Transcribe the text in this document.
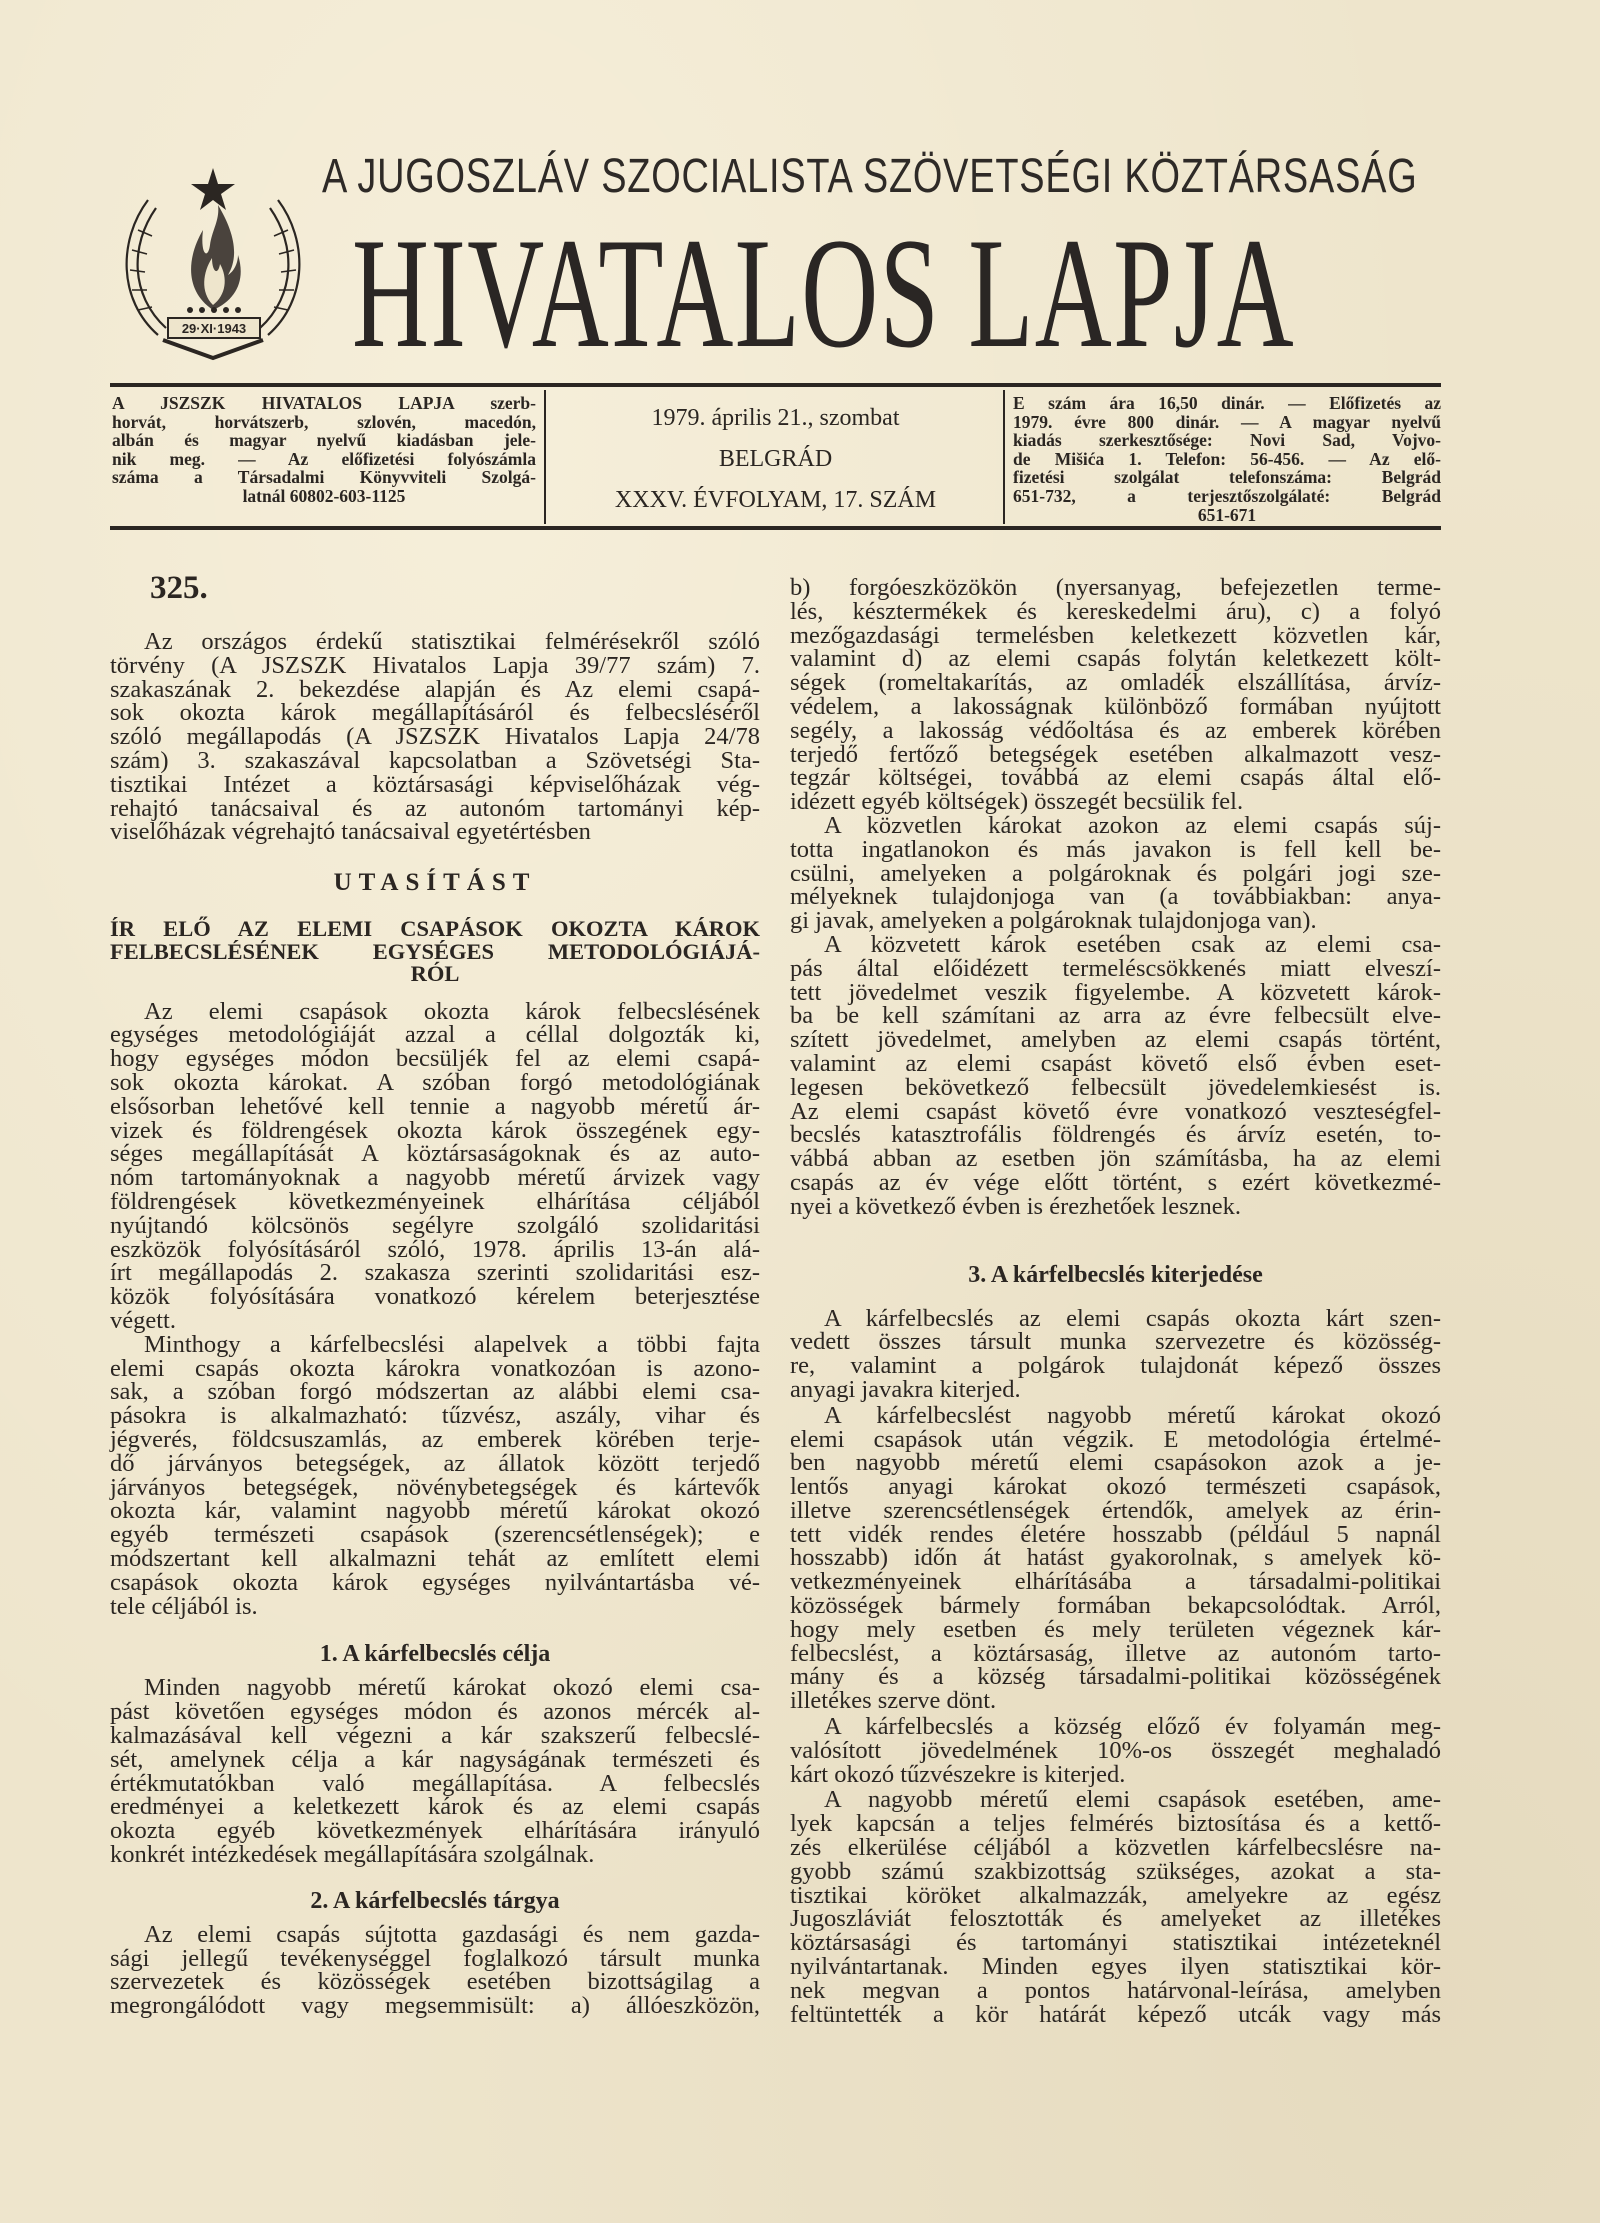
29·XI·1943
A JUGOSZLÁV SZOCIALISTA SZÖVETSÉGI KÖZTÁRSASÁG
HIVATALOS LAPJA
A JSZSZK HIVATALOS LAPJA szerb-
horvát, horvátszerb, szlovén, macedón,
albán és magyar nyelvű kiadásban jele-
nik meg. — Az előfizetési folyószámla
száma a Társadalmi Könyvviteli Szolgá-
latnál 60802-603-1125
1979. április 21., szombat
BELGRÁD
XXXV. ÉVFOLYAM, 17. SZÁM
E szám ára 16,50 dinár. — Előfizetés az
1979. évre 800 dinár. — A magyar nyelvű
kiadás szerkesztősége: Novi Sad, Vojvo-
de Mišića 1. Telefon: 56-456. — Az elő-
fizetési szolgálat telefonszáma: Belgrád
651-732, a terjesztőszolgálaté: Belgrád
651-671
325.
Az országos érdekű statisztikai felmérésekről szóló
törvény (A JSZSZK Hivatalos Lapja 39/77 szám) 7.
szakaszának 2. bekezdése alapján és Az elemi csapá-
sok okozta károk megállapításáról és felbecsléséről
szóló megállapodás (A JSZSZK Hivatalos Lapja 24/78
szám) 3. szakaszával kapcsolatban a Szövetségi Sta-
tisztikai Intézet a köztársasági képviselőházak vég-
rehajtó tanácsaival és az autonóm tartományi kép-
viselőházak végrehajtó tanácsaival egyetértésben
UTASÍTÁST
ÍR ELŐ AZ ELEMI CSAPÁSOK OKOZTA KÁROK
FELBECSLÉSÉNEK EGYSÉGES METODOLÓGIÁJÁ-
RÓL
Az elemi csapások okozta károk felbecslésének
egységes metodológiáját azzal a céllal dolgozták ki,
hogy egységes módon becsüljék fel az elemi csapá-
sok okozta károkat. A szóban forgó metodológiának
elsősorban lehetővé kell tennie a nagyobb méretű ár-
vizek és földrengések okozta károk összegének egy-
séges megállapítását A köztársaságoknak és az auto-
nóm tartományoknak a nagyobb méretű árvizek vagy
földrengések következményeinek elhárítása céljából
nyújtandó kölcsönös segélyre szolgáló szolidaritási
eszközök folyósításáról szóló, 1978. április 13-án alá-
írt megállapodás 2. szakasza szerinti szolidaritási esz-
közök folyósítására vonatkozó kérelem beterjesztése
végett.
Minthogy a kárfelbecslési alapelvek a többi fajta
elemi csapás okozta károkra vonatkozóan is azono-
sak, a szóban forgó módszertan az alábbi elemi csa-
pásokra is alkalmazható: tűzvész, aszály, vihar és
jégverés, földcsuszamlás, az emberek körében terje-
dő járványos betegségek, az állatok között terjedő
járványos betegségek, növénybetegségek és kártevők
okozta kár, valamint nagyobb méretű károkat okozó
egyéb természeti csapások (szerencsétlenségek); e
módszertant kell alkalmazni tehát az említett elemi
csapások okozta károk egységes nyilvántartásba vé-
tele céljából is.
1. A kárfelbecslés célja
Minden nagyobb méretű károkat okozó elemi csa-
pást követően egységes módon és azonos mércék al-
kalmazásával kell végezni a kár szakszerű felbecslé-
sét, amelynek célja a kár nagyságának természeti és
értékmutatókban való megállapítása. A felbecslés
eredményei a keletkezett károk és az elemi csapás
okozta egyéb következmények elhárítására irányuló
konkrét intézkedések megállapítására szolgálnak.
2. A kárfelbecslés tárgya
Az elemi csapás sújtotta gazdasági és nem gazda-
sági jellegű tevékenységgel foglalkozó társult munka
szervezetek és közösségek esetében bizottságilag a
megrongálódott vagy megsemmisült: a) állóeszközön,
b) forgóeszközökön (nyersanyag, befejezetlen terme-
lés, késztermékek és kereskedelmi áru), c) a folyó
mezőgazdasági termelésben keletkezett közvetlen kár,
valamint d) az elemi csapás folytán keletkezett költ-
ségek (romeltakarítás, az omladék elszállítása, árvíz-
védelem, a lakosságnak különböző formában nyújtott
segély, a lakosság védőoltása és az emberek körében
terjedő fertőző betegségek esetében alkalmazott vesz-
tegzár költségei, továbbá az elemi csapás által elő-
idézett egyéb költségek) összegét becsülik fel.
A közvetlen károkat azokon az elemi csapás súj-
totta ingatlanokon és más javakon is fell kell be-
csülni, amelyeken a polgároknak és polgári jogi sze-
mélyeknek tulajdonjoga van (a továbbiakban: anya-
gi javak, amelyeken a polgároknak tulajdonjoga van).
A közvetett károk esetében csak az elemi csa-
pás által előidézett termeléscsökkenés miatt elveszí-
tett jövedelmet veszik figyelembe. A közvetett károk-
ba be kell számítani az arra az évre felbecsült elve-
szített jövedelmet, amelyben az elemi csapás történt,
valamint az elemi csapást követő első évben eset-
legesen bekövetkező felbecsült jövedelemkiesést is.
Az elemi csapást követő évre vonatkozó veszteségfel-
becslés katasztrofális földrengés és árvíz esetén, to-
vábbá abban az esetben jön számításba, ha az elemi
csapás az év vége előtt történt, s ezért következmé-
nyei a következő évben is érezhetőek lesznek.
3. A kárfelbecslés kiterjedése
A kárfelbecslés az elemi csapás okozta kárt szen-
vedett összes társult munka szervezetre és közösség-
re, valamint a polgárok tulajdonát képező összes
anyagi javakra kiterjed.
A kárfelbecslést nagyobb méretű károkat okozó
elemi csapások után végzik. E metodológia értelmé-
ben nagyobb méretű elemi csapásokon azok a je-
lentős anyagi károkat okozó természeti csapások,
illetve szerencsétlenségek értendők, amelyek az érin-
tett vidék rendes életére hosszabb (például 5 napnál
hosszabb) időn át hatást gyakorolnak, s amelyek kö-
vetkezményeinek elhárításába a társadalmi-politikai
közösségek bármely formában bekapcsolódtak. Arról,
hogy mely esetben és mely területen végeznek kár-
felbecslést, a köztársaság, illetve az autonóm tarto-
mány és a község társadalmi-politikai közösségének
illetékes szerve dönt.
A kárfelbecslés a község előző év folyamán meg-
valósított jövedelmének 10%-os összegét meghaladó
kárt okozó tűzvészekre is kiterjed.
A nagyobb méretű elemi csapások esetében, ame-
lyek kapcsán a teljes felmérés biztosítása és a kettő-
zés elkerülése céljából a közvetlen kárfelbecslésre na-
gyobb számú szakbizottság szükséges, azokat a sta-
tisztikai köröket alkalmazzák, amelyekre az egész
Jugoszláviát felosztották és amelyeket az illetékes
köztársasági és tartományi statisztikai intézeteknél
nyilvántartanak. Minden egyes ilyen statisztikai kör-
nek megvan a pontos határvonal-leírása, amelyben
feltüntették a kör határát képező utcák vagy más
